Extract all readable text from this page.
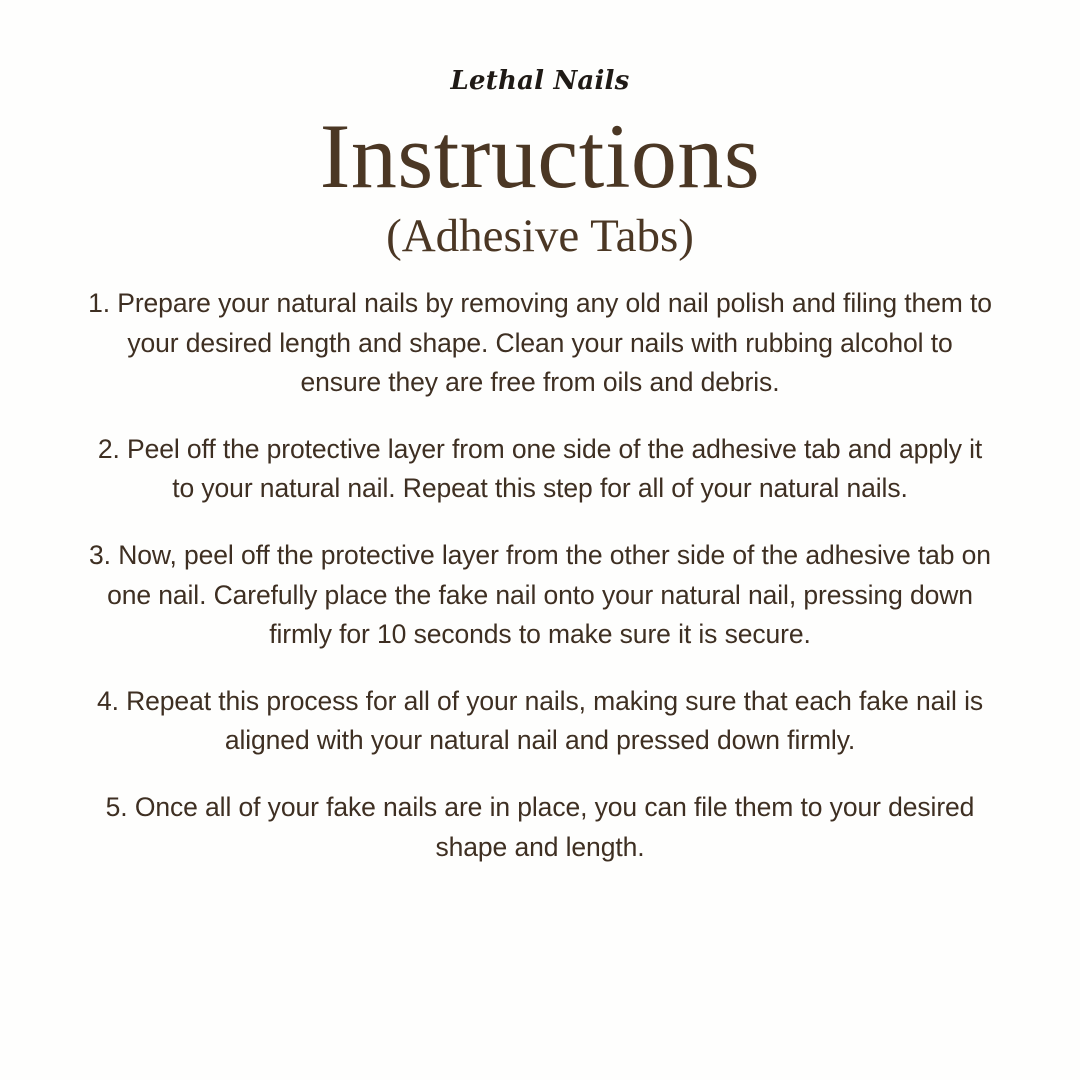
Lethal Nails
Instructions
(Adhesive Tabs)

1. Prepare your natural nails by removing any old nail polish and filing them to your desired length and shape. Clean your nails with rubbing alcohol to ensure they are free from oils and debris.

2. Peel off the protective layer from one side of the adhesive tab and apply it to your natural nail. Repeat this step for all of your natural nails.

3. Now, peel off the protective layer from the other side of the adhesive tab on one nail. Carefully place the fake nail onto your natural nail, pressing down firmly for 10 seconds to make sure it is secure.

4. Repeat this process for all of your nails, making sure that each fake nail is aligned with your natural nail and pressed down firmly.

5. Once all of your fake nails are in place, you can file them to your desired shape and length.
